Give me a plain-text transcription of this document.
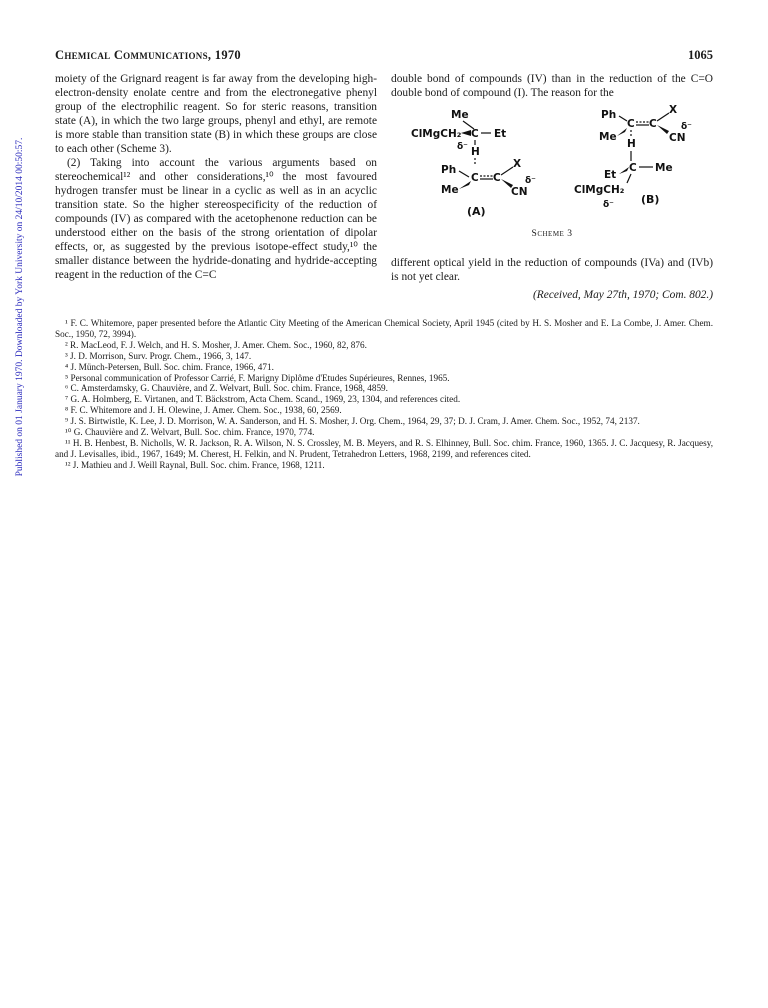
Published on 01 January 1970. Downloaded by York University on 24/10/2014 00:50:57.
Chemical Communications, 1970	1065

moiety of the Grignard reagent is far away from the developing high-electron-density enolate centre and from the electronegative phenyl group of the electrophilic reagent. So for steric reasons, transition state (A), in which the two large groups, phenyl and ethyl, are remote is more stable than transition state (B) in which these groups are close to each other (Scheme 3).

(2) Taking into account the various arguments based on stereochemical¹² and other considerations,¹⁰ the most favoured hydrogen transfer must be linear in a cyclic as well as in an acyclic transition state. So the higher stereospecificity of the reduction of compounds (IV) as compared with the acetophenone reduction can be understood either on the basis of the strong orientation of dipolar effects, or, as suggested by the previous isotope-effect study,¹⁰ the smaller distance between the hydride-donating and hydride-accepting reagent in the reduction of the C=C

double bond of compounds (IV) than in the reduction of the C=O double bond of compound (I). The reason for the

Me
ClMgCH₂ C Et
δ⁻ H
Ph
C C
X
δ⁻
CN
Me
(A)
Ph
C C
X
δ⁻
CN
Me
H
Et
C Me
ClMgCH₂
δ⁻ (B)
Scheme 3

different optical yield in the reduction of compounds (IVa) and (IVb) is not yet clear.

(Received, May 27th, 1970; Com. 802.)

¹ F. C. Whitemore, paper presented before the Atlantic City Meeting of the American Chemical Society, April 1945 (cited by H. S. Mosher and E. La Combe, J. Amer. Chem. Soc., 1950, 72, 3994).

² R. MacLeod, F. J. Welch, and H. S. Mosher, J. Amer. Chem. Soc., 1960, 82, 876.

³ J. D. Morrison, Surv. Progr. Chem., 1966, 3, 147.

⁴ J. Münch-Petersen, Bull. Soc. chim. France, 1966, 471.

⁵ Personal communication of Professor Carrié, F. Marigny Diplôme d'Etudes Supérieures, Rennes, 1965.

⁶ C. Amsterdamsky, G. Chauvière, and Z. Welvart, Bull. Soc. chim. France, 1968, 4859.

⁷ G. A. Holmberg, E. Virtanen, and T. Bäckstrom, Acta Chem. Scand., 1969, 23, 1304, and references cited.

⁸ F. C. Whitemore and J. H. Olewine, J. Amer. Chem. Soc., 1938, 60, 2569.

⁹ J. S. Birtwistle, K. Lee, J. D. Morrison, W. A. Sanderson, and H. S. Mosher, J. Org. Chem., 1964, 29, 37; D. J. Cram, J. Amer. Chem. Soc., 1952, 74, 2137.

¹⁰ G. Chauvière and Z. Welvart, Bull. Soc. chim. France, 1970, 774.

¹¹ H. B. Henbest, B. Nicholls, W. R. Jackson, R. A. Wilson, N. S. Crossley, M. B. Meyers, and R. S. Elhinney, Bull. Soc. chim. France, 1960, 1365. J. C. Jacquesy, R. Jacquesy, and J. Levisalles, ibid., 1967, 1649; M. Cherest, H. Felkin, and N. Prudent, Tetrahedron Letters, 1968, 2199, and references cited.

¹² J. Mathieu and J. Weill Raynal, Bull. Soc. chim. France, 1968, 1211.
